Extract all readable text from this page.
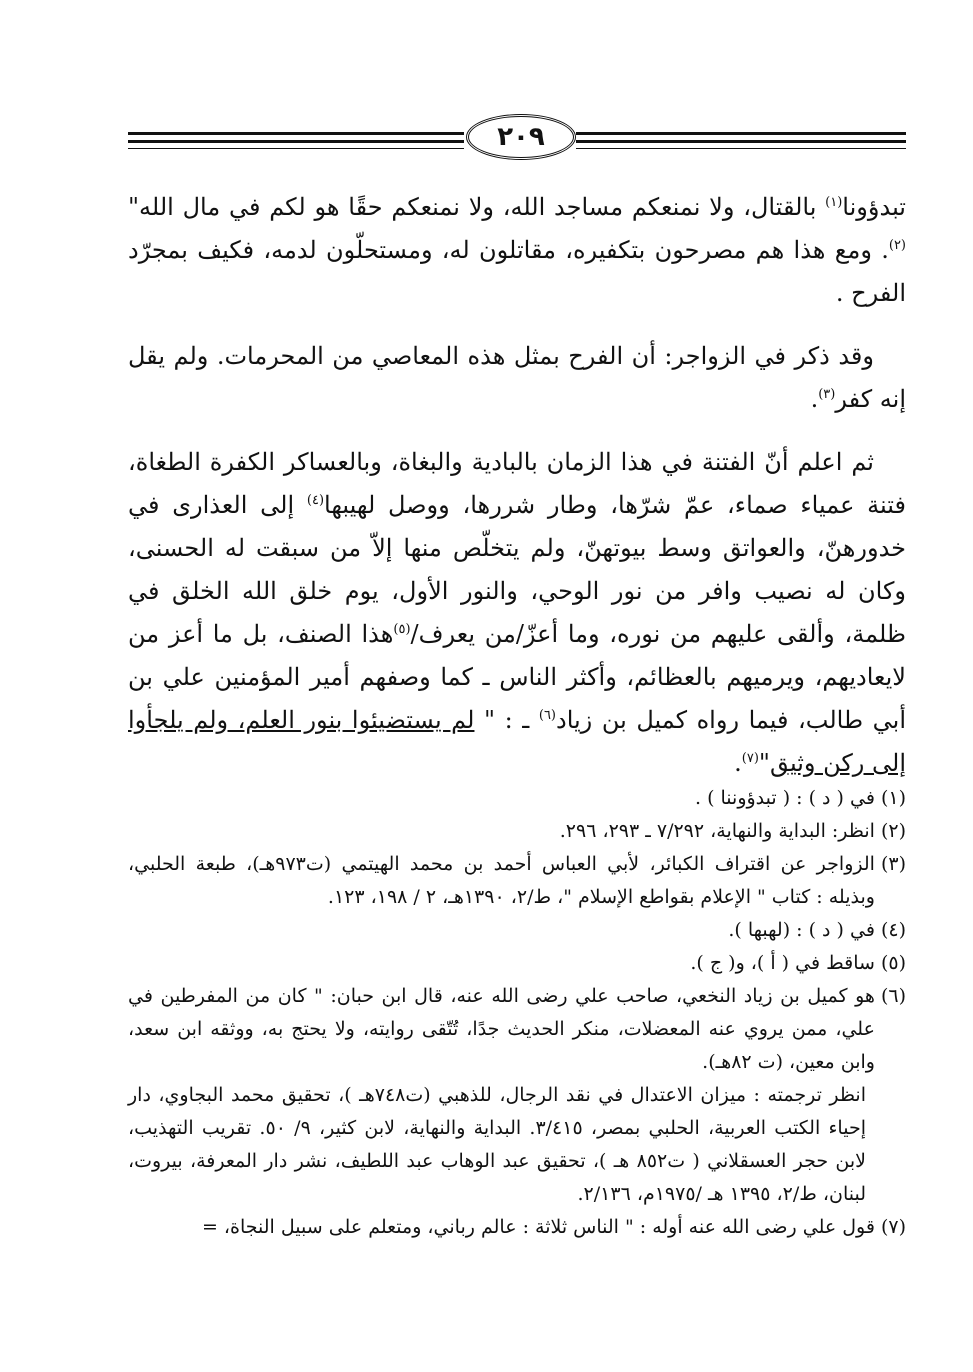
٢٠٩

تبدؤونا$^{(١)}$ بالقتال، ولا نمنعكم مساجد الله، ولا نمنعكم حقًا هو لكم في مال الله"$^{(٢)}$. ومع هذا هم مصرحون بتكفيره، مقاتلون له، ومستحلّون لدمه، فكيف بمجرّد الفرح .

وقد ذكر في الزواجر: أن الفرح بمثل هذه المعاصي من المحرمات. ولم يقل إنه كفر$^{(٣)}$.

ثم اعلم أنّ الفتنة في هذا الزمان بالبادية والبغاة، وبالعساكر الكفرة الطغاة، فتنة عمياء صماء، عمّ شرّها، وطار شررها، ووصل لهيبها$^{(٤)}$ إلى العذارى في خدورهنّ، والعواتق وسط بيوتهنّ، ولم يتخلّص منها إلاّ من سبقت له الحسنى، وكان له نصيب وافر من نور الوحي، والنور الأول، يوم خلق الله الخلق في ظلمة، وألقى عليهم من نوره، وما أعزّ/من يعرف/$^{(٥)}$هذا الصنف، بل ما أعز من لايعاديهم، ويرميهم بالعظائم، وأكثر الناس ـ كما وصفهم أمير المؤمنين علي بن أبي طالب، فيما رواه كميل بن زياد$^{(٦)}$ ـ : " لم يستضيئوا بنور العلم، ولم يلجأوا إلى ركن وثيق"$^{(٧)}$.

(١)
في ( د ) : ( تبدؤوننا ) .
(٢)
انظر: البداية والنهاية، ٧/٢٩٢ ـ ٢٩٣، ٢٩٦.
(٣)
الزواجر عن اقتراف الكبائر، لأبي العباس أحمد بن محمد الهيتمي (ت٩٧٣هـ)، طبعة الحلبي، وبذيله : كتاب " الإعلام بقواطع الإسلام "، ط/٢، ١٣٩٠هـ، ٢ / ١٩٨، ١٢٣.
(٤)
في ( د ) : (لهبها ).
(٥)
ساقط في ( أ )، و( ج ).
(٦)
هو كميل بن زياد النخعي، صاحب علي رضى الله عنه، قال ابن حبان: " كان من المفرطين في علي، ممن يروي عنه المعضلات، منكر الحديث جدًا، تُتّقى روايته، ولا يحتج به، ووثقه ابن سعد، وابن معين، (ت ٨٢هـ).
انظر ترجمته : ميزان الاعتدال في نقد الرجال، للذهبي (ت٧٤٨هـ )، تحقيق محمد البجاوي، دار إحياء الكتب العربية، الحلبي بمصر، ٣/٤١٥. البداية والنهاية، لابن كثير، ٩/ ٥٠. تقريب التهذيب، لابن حجر العسقلاني ( ت٨٥٢ هـ )، تحقيق عبد الوهاب عبد اللطيف، نشر دار المعرفة، بيروت، لبنان، ط/٢، ١٣٩٥ هـ /١٩٧٥م، ٢/١٣٦.
(٧)
قول علي رضى الله عنه أوله : " الناس ثلاثة : عالم رباني، ومتعلم على سبيل النجاة، =
